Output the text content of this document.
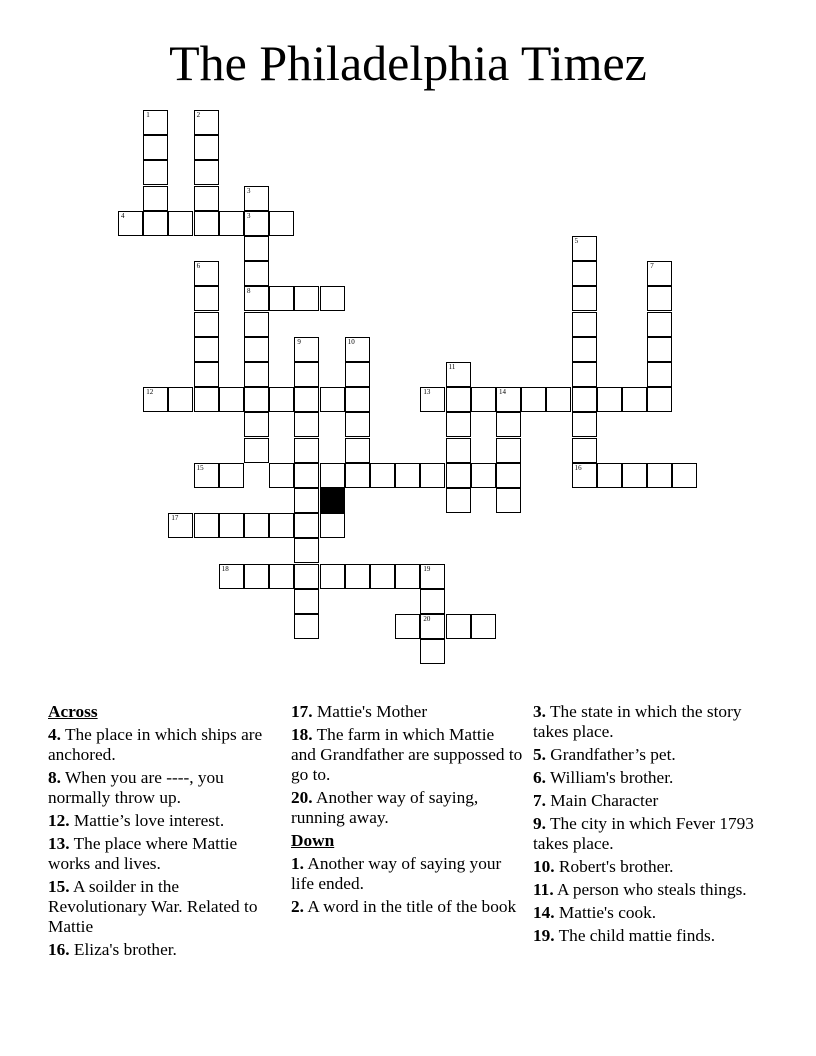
The Philadelphia Timez
1	2
4	3
3
8
6
5
7
9	10
11
12	13	14
15	16
17
18	19
20

Across

4. The place in which ships are anchored.

8. When you are ----, you normally throw up.

12. Mattie’s love interest.

13. The place where Mattie works and lives.

15. A soilder in the Revolutionary War. Related to Mattie

16. Eliza's brother.

17. Mattie's Mother

18. The farm in which Mattie and Grandfather are suppossed to go to.

20. Another way of saying, running away.

Down

1. Another way of saying your life ended.

2. A word in the title of the book

3. The state in which the story takes place.

5. Grandfather’s pet.

6. William's brother.

7. Main Character

9. The city in which Fever 1793 takes place.

10. Robert's brother.

11. A person who steals things.

14. Mattie's cook.

19. The child mattie finds.
